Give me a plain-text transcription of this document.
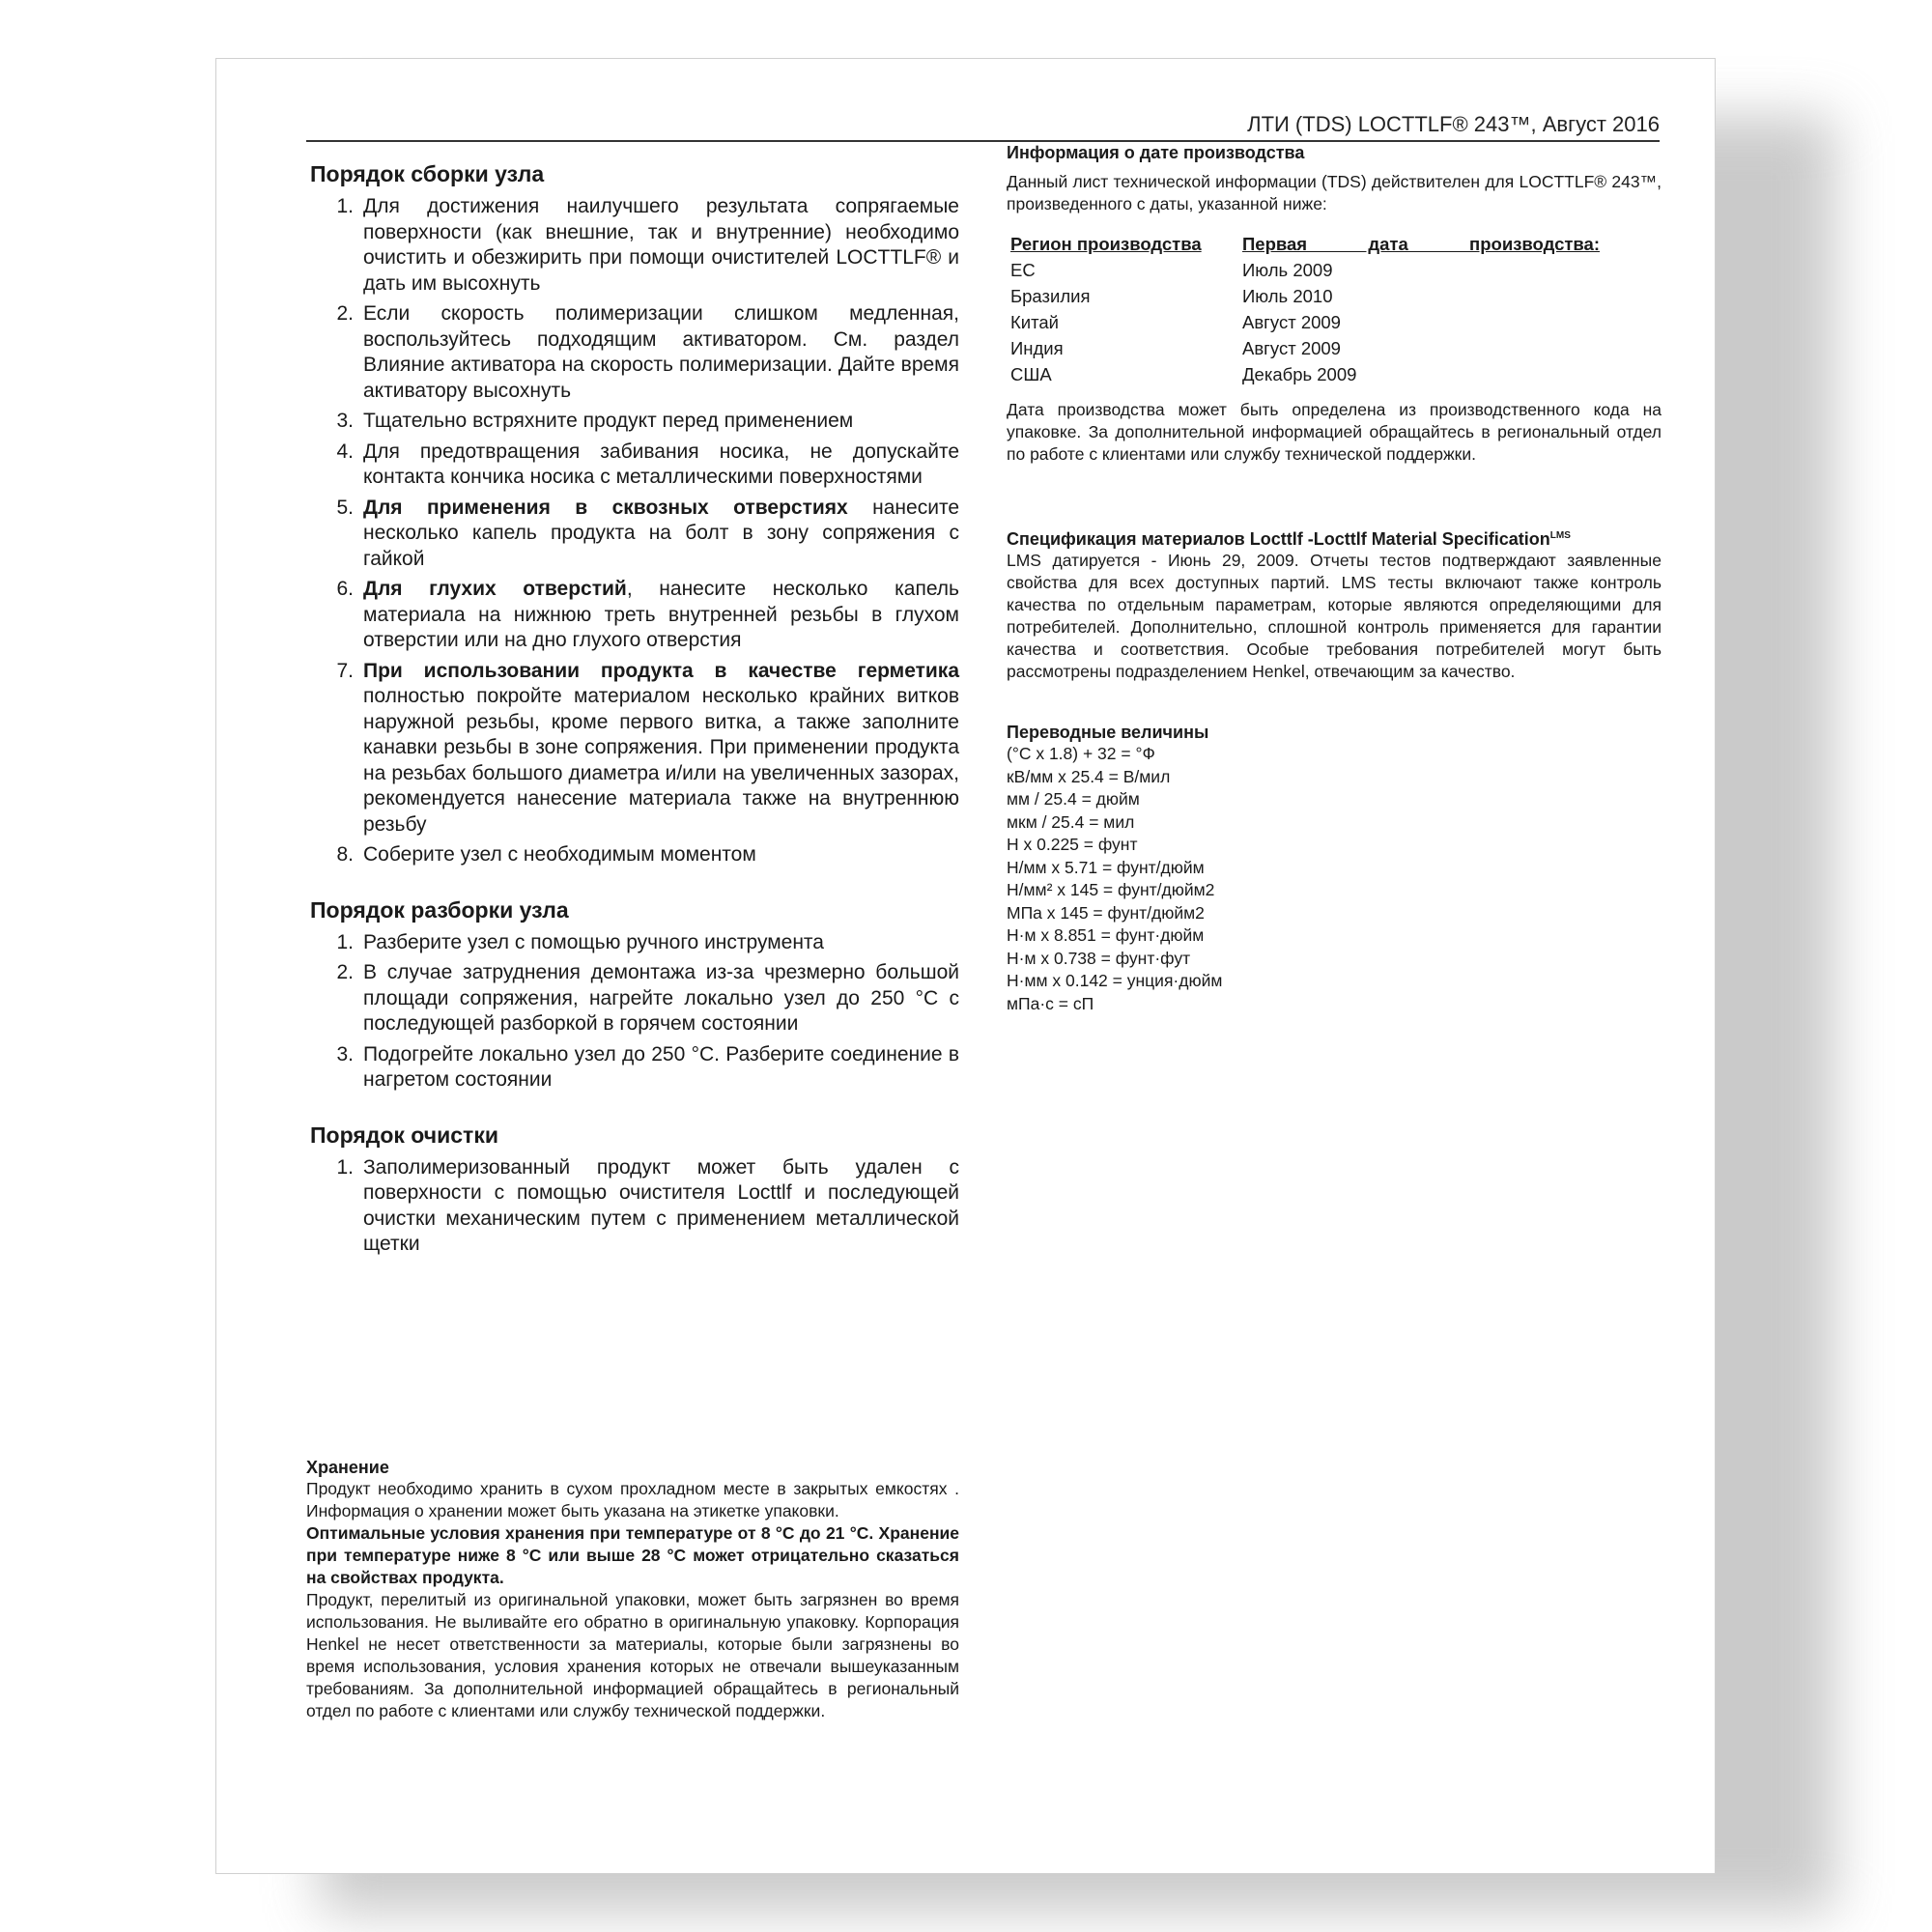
ЛТИ (TDS) LOCTTLF® 243™, Август 2016
Порядок сборки узла
1. Для достижения наилучшего результата сопрягаемые поверхности (как внешние, так и внутренние) необходимо очистить и обезжирить при помощи очистителей LOCTTLF® и дать им высохнуть
2. Если скорость полимеризации слишком медленная, воспользуйтесь подходящим активатором. См. раздел Влияние активатора на скорость полимеризации. Дайте время активатору высохнуть
3. Тщательно встряхните продукт перед применением
4. Для предотвращения забивания носика, не допускайте контакта кончика носика с металлическими поверхностями
5. Для применения в сквозных отверстиях нанесите несколько капель продукта на болт в зону сопряжения с гайкой
6. Для глухих отверстий, нанесите несколько капель материала на нижнюю треть внутренней резьбы в глухом отверстии или на дно глухого отверстия
7. При использовании продукта в качестве герметика полностью покройте материалом несколько крайних витков наружной резьбы, кроме первого витка, а также заполните канавки резьбы в зоне сопряжения. При применении продукта на резьбах большого диаметра и/или на увеличенных зазорах, рекомендуется нанесение материала также на внутреннюю резьбу
8. Соберите узел с необходимым моментом
Порядок разборки узла
1. Разберите узел с помощью ручного инструмента
2. В случае затруднения демонтажа из-за чрезмерно большой площади сопряжения, нагрейте локально узел до 250 °C с последующей разборкой в горячем состоянии
3. Подогрейте локально узел до 250 °C. Разберите соединение в нагретом состоянии
Порядок очистки
1. Заполимеризованный продукт может быть удален с поверхности с помощью очистителя Locttlf и последующей очистки механическим путем с применением металлической щетки

Хранение

Продукт необходимо хранить в сухом прохладном месте в закрытых емкостях . Информация о хранении может быть указана на этикетке упаковки.

Оптимальные условия хранения при температуре от 8 °C до 21 °C. Хранение при температуре ниже 8 °C или выше 28 °C может отрицательно сказаться на свойствах продукта.

Продукт, перелитый из оригинальной упаковки, может быть загрязнен во время использования. Не выливайте его обратно в оригинальную упаковку. Корпорация Henkel не несет ответственности за материалы, которые были загрязнены во время использования, условия хранения которых не отвечали вышеуказанным требованиям. За дополнительной информацией обращайтесь в региональный отдел по работе с клиентами или службу технической поддержки.

Информация о дате производства

Данный лист технической информации (TDS) действителен для LOCTTLF® 243™, произведенного с даты, указанной ниже:

Регион производства	Первая дата производства:
ЕС	Июль 2009
Бразилия	Июль 2010
Китай	Август 2009
Индия	Август 2009
США	Декабрь 2009

Дата производства может быть определена из производственного кода на упаковке. За дополнительной информацией обращайтесь в региональный отдел по работе с клиентами или службу технической поддержки.

Спецификация материалов Locttlf -Locttlf Material Specification$^{LMS}$

LMS датируется - Июнь 29, 2009. Отчеты тестов подтверждают заявленные свойства для всех доступных партий. LMS тесты включают также контроль качества по отдельным параметрам, которые являются определяющими для потребителей. Дополнительно, сплошной контроль применяется для гарантии качества и соответствия. Особые требования потребителей могут быть рассмотрены подразделением Henkel, отвечающим за качество.

Переводные величины

(°C x 1.8) + 32 = °Ф

кВ/мм x 25.4 = В/мил

мм / 25.4 = дюйм

мкм / 25.4 = мил

Н x 0.225 = фунт

Н/мм x 5.71 = фунт/дюйм

Н/мм² x 145 = фунт/дюйм2

МПа x 145 = фунт/дюйм2

Н·м x 8.851 = фунт·дюйм

Н·м x 0.738 = фунт·фут

Н·мм x 0.142 = унция·дюйм

мПа·с = сП
